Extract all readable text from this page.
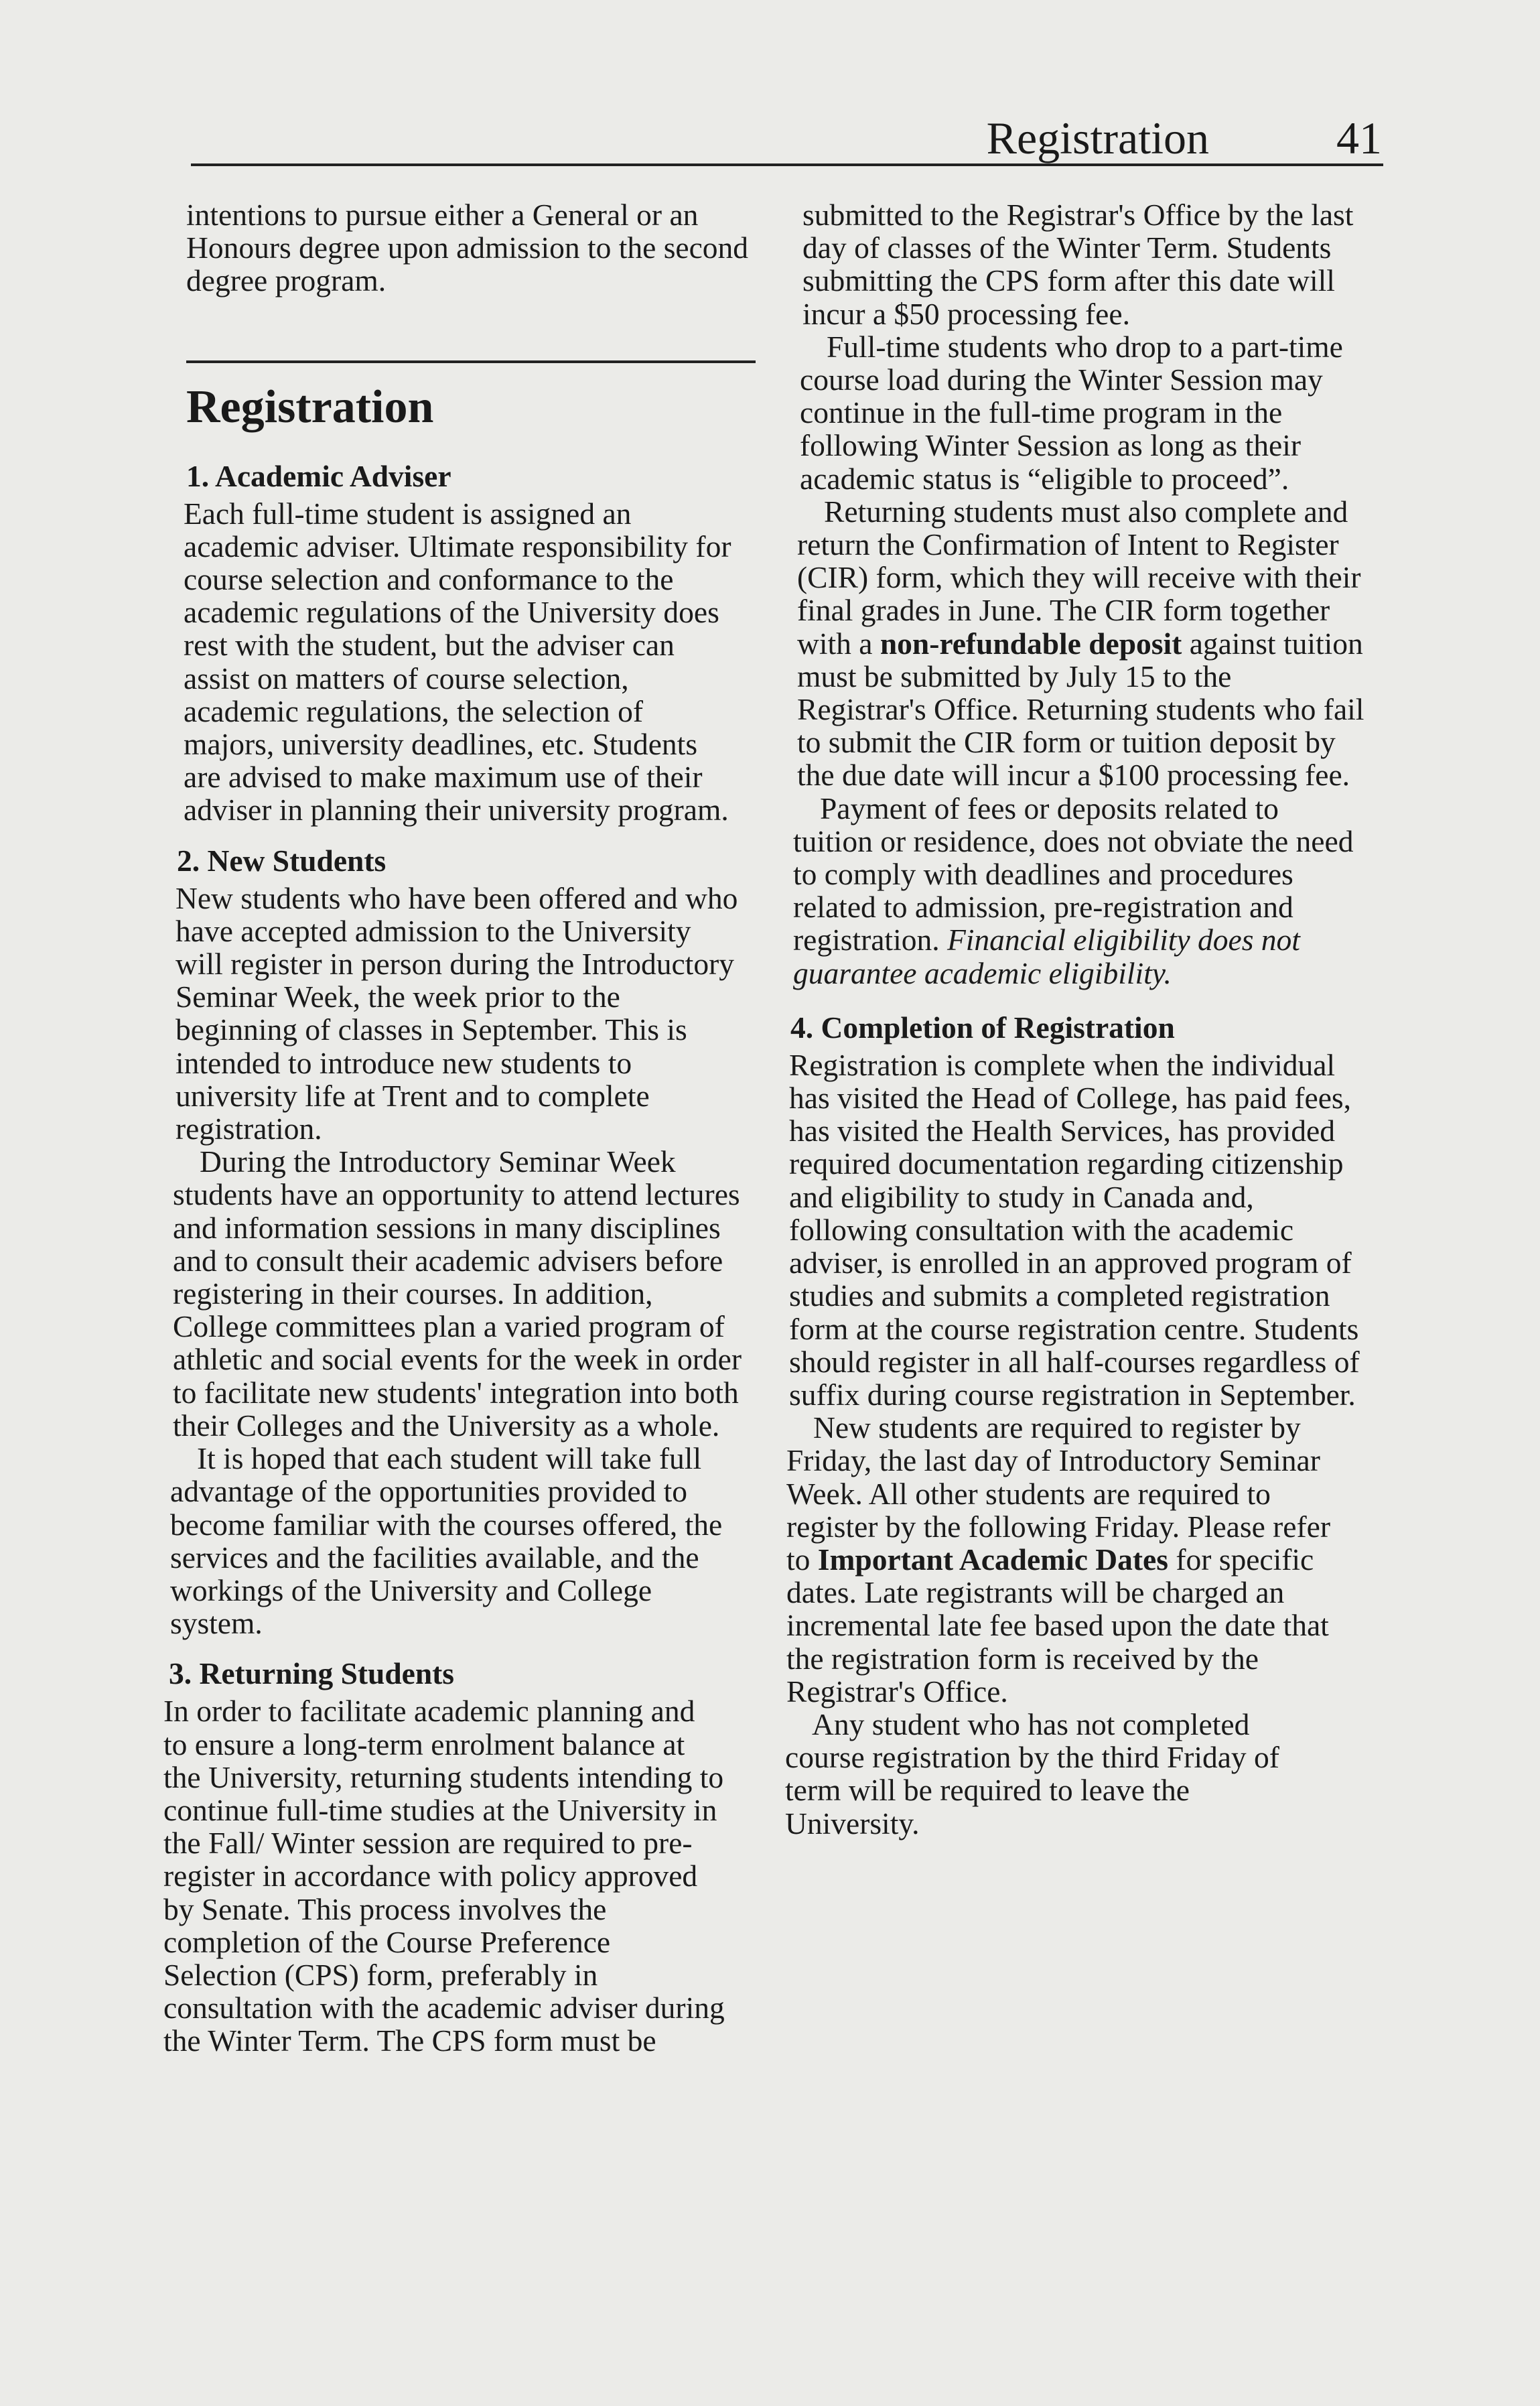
Registration	41

intentions to pursue either a General or an Honours degree upon admission to the second degree program.

Registration
1. Academic Adviser

Each full-time student is assigned an academic adviser. Ultimate responsibility for course selection and conformance to the academic regulations of the University does rest with the student, but the adviser can assist on matters of course selection, academic regulations, the selection of majors, university deadlines, etc. Students are advised to make maximum use of their adviser in planning their university program.

2. New Students

New students who have been offered and who have accepted admission to the University will register in person during the Introductory Seminar Week, the week prior to the beginning of classes in September. This is intended to introduce new students to university life at Trent and to complete registration.

During the Introductory Seminar Week students have an opportunity to attend lectures and information sessions in many disciplines and to consult their academic advisers before registering in their courses. In addition, College committees plan a varied program of athletic and social events for the week in order to facilitate new students' integration into both their Colleges and the University as a whole.

It is hoped that each student will take full advantage of the opportunities provided to become familiar with the courses offered, the services and the facilities available, and the workings of the University and College system.

3. Returning Students

In order to facilitate academic planning and to ensure a long-term enrolment balance at the University, returning students intending to continue full-time studies at the University in the Fall/ Winter session are required to pre-register in accordance with policy approved by Senate. This process involves the completion of the Course Preference Selection (CPS) form, preferably in consultation with the academic adviser during the Winter Term. The CPS form must be

submitted to the Registrar's Office by the last day of classes of the Winter Term. Students submitting the CPS form after this date will incur a $50 processing fee.

Full-time students who drop to a part-time course load during the Winter Session may continue in the full-time program in the following Winter Session as long as their academic status is “eligible to proceed”.

Returning students must also complete and return the Confirmation of Intent to Register (CIR) form, which they will receive with their final grades in June. The CIR form together with a non-refundable deposit against tuition must be submitted by July 15 to the Registrar's Office. Returning students who fail to submit the CIR form or tuition deposit by the due date will incur a $100 processing fee.

Payment of fees or deposits related to tuition or residence, does not obviate the need to comply with deadlines and procedures related to admission, pre-registration and registration. Financial eligibility does not guarantee academic eligibility.

4. Completion of Registration

Registration is complete when the individual has visited the Head of College, has paid fees, has visited the Health Services, has provided required documentation regarding citizenship and eligibility to study in Canada and, following consultation with the academic adviser, is enrolled in an approved program of studies and submits a completed registration form at the course registration centre. Students should register in all half-courses regardless of suffix during course registration in September.

New students are required to register by Friday, the last day of Introductory Seminar Week. All other students are required to register by the following Friday. Please refer to Important Academic Dates for specific dates. Late registrants will be charged an incremental late fee based upon the date that the registration form is received by the Registrar's Office.

Any student who has not completed course registration by the third Friday of term will be required to leave the University.
